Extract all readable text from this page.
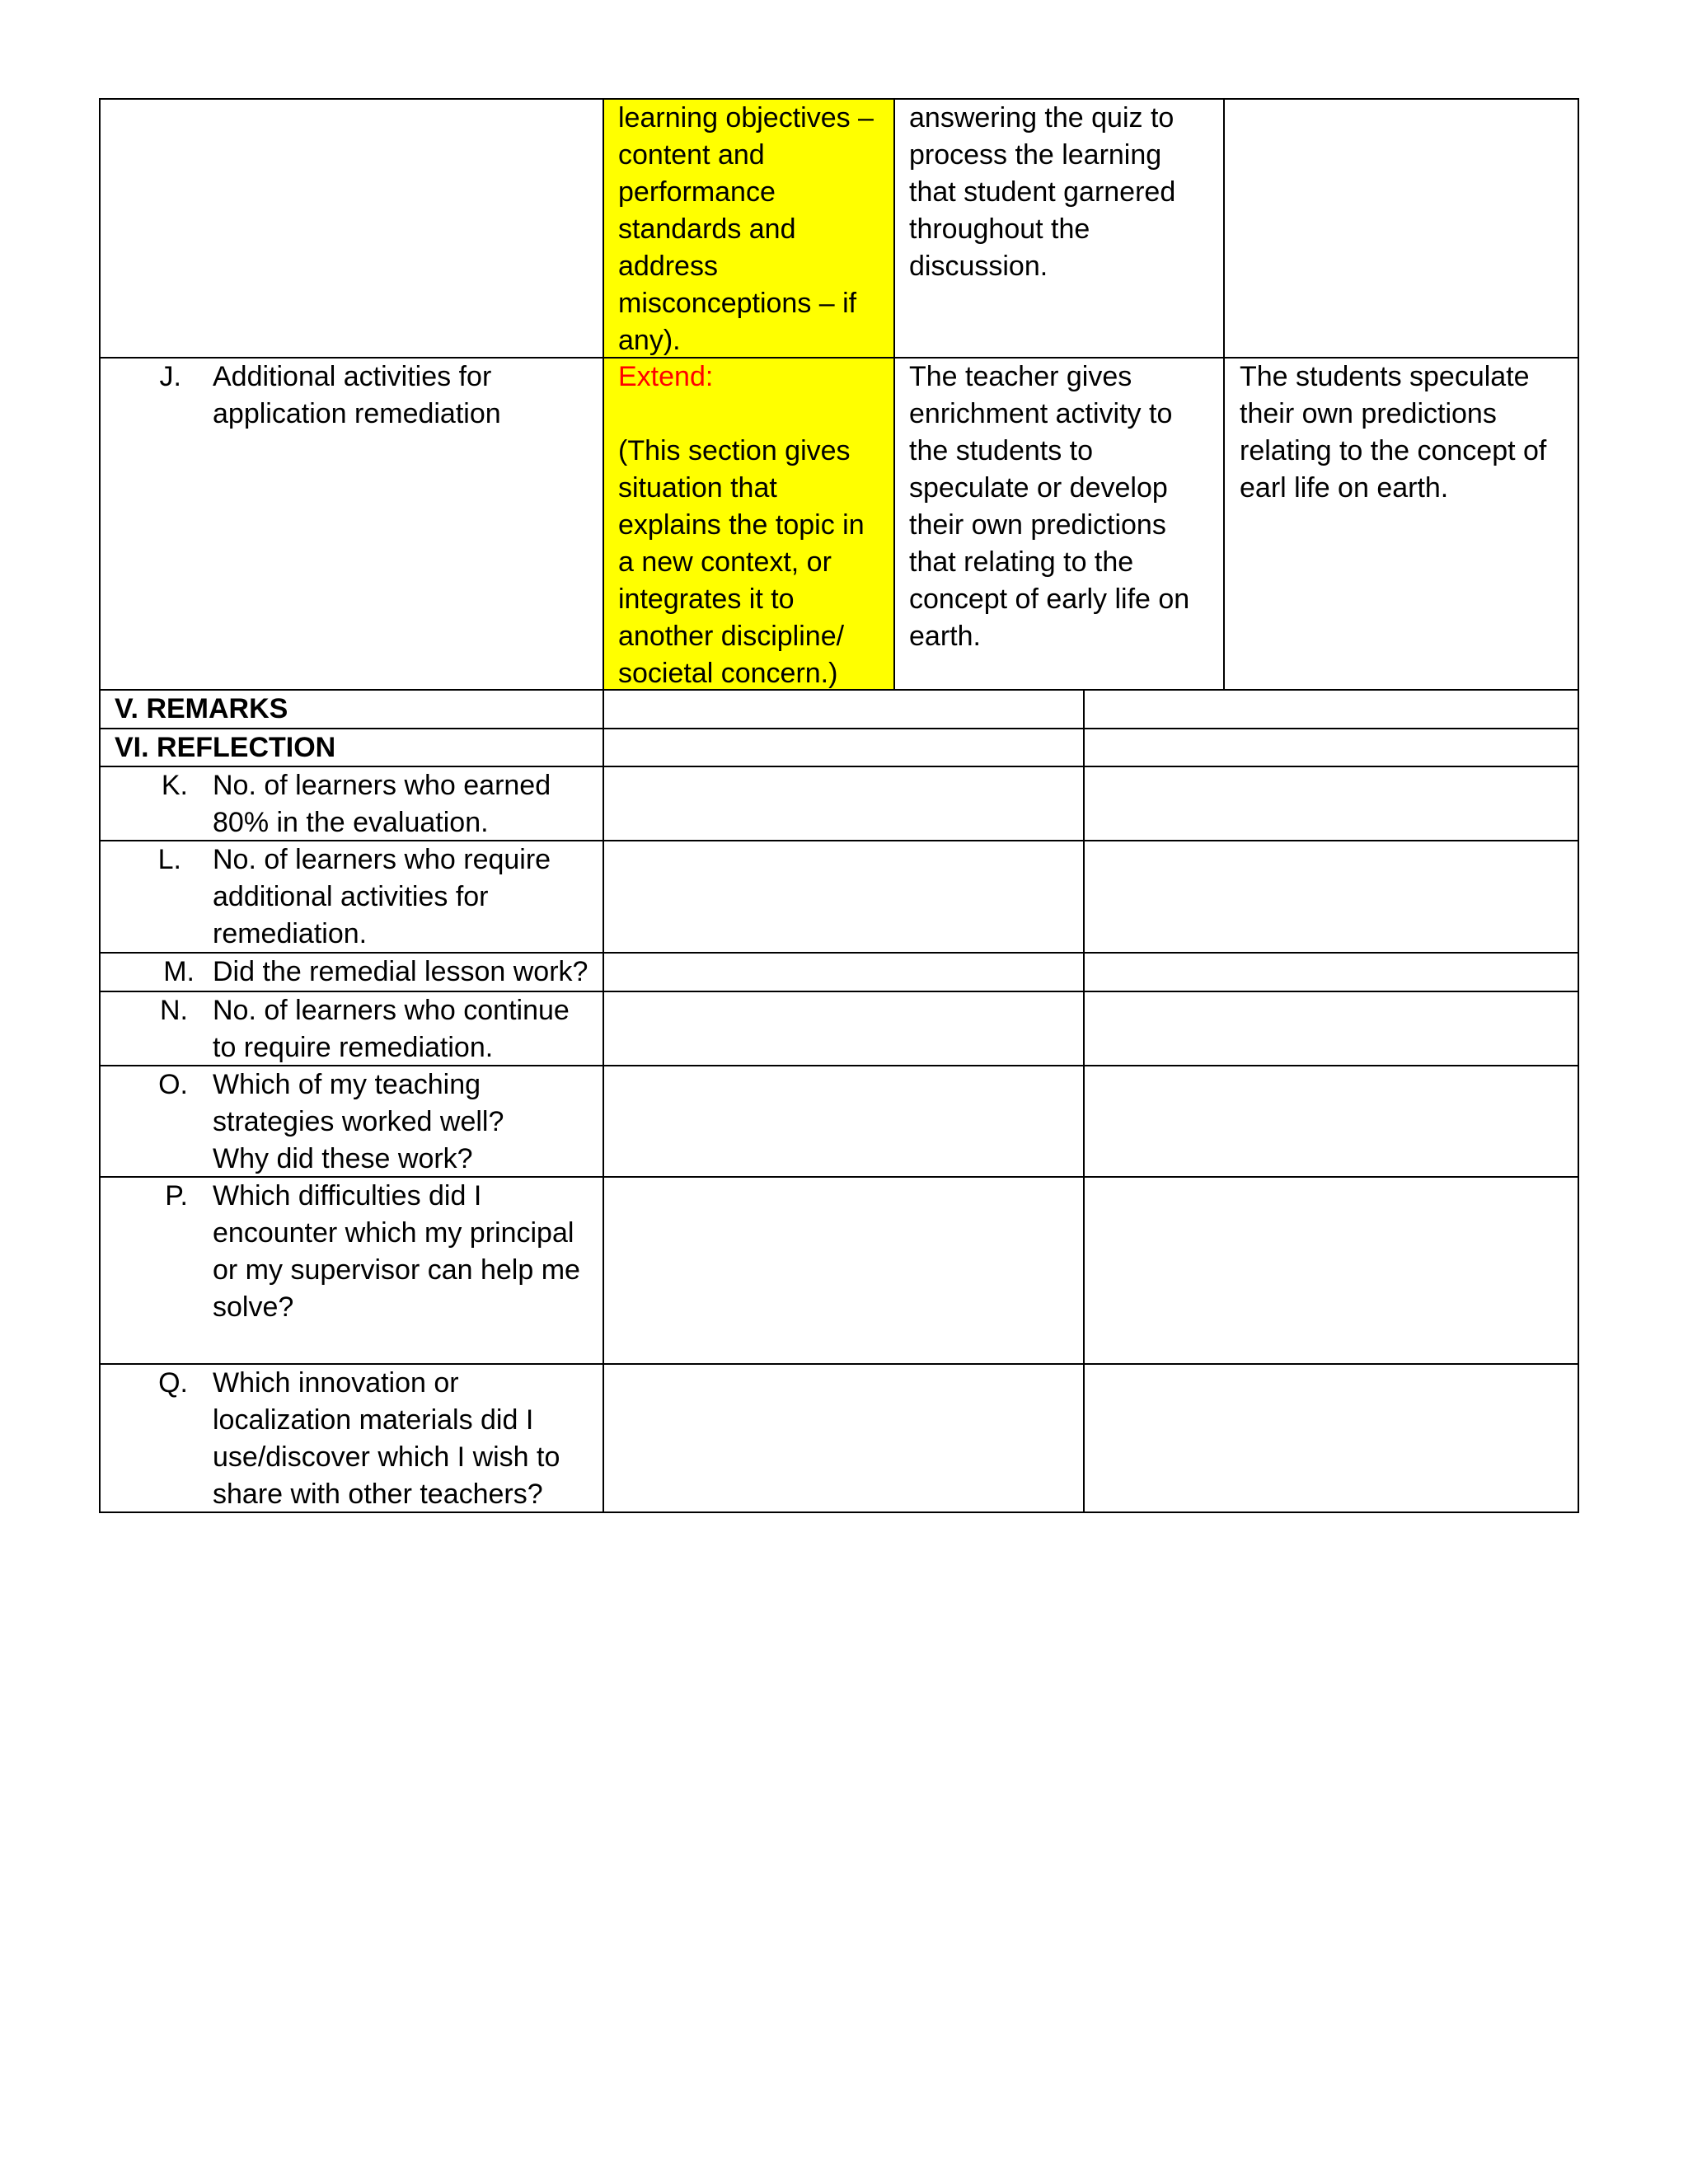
learning objectives –
content and
performance
standards and
address
misconceptions – if
any).
answering the quiz to
process the learning
that student garnered
throughout the
discussion.
J. Additional activities for
application remediation
Extend:
(This section gives
situation that
explains the topic in
a new context, or
integrates it to
another discipline/
societal concern.)
The teacher gives
enrichment activity to
the students to
speculate or develop
their own predictions
that relating to the
concept of early life on
earth.
The students speculate
their own predictions
relating to the concept of
earl life on earth.
V. REMARKS
VI. REFLECTION
K. No. of learners who earned
80% in the evaluation.
L. No. of learners who require
additional activities for
remediation.
M. Did the remedial lesson work?
N. No. of learners who continue
to require remediation.
O. Which of my teaching
strategies worked well?
Why did these work?
P. Which difficulties did I
encounter which my principal
or my supervisor can help me
solve?
Q. Which innovation or
localization materials did I
use/discover which I wish to
share with other teachers?
